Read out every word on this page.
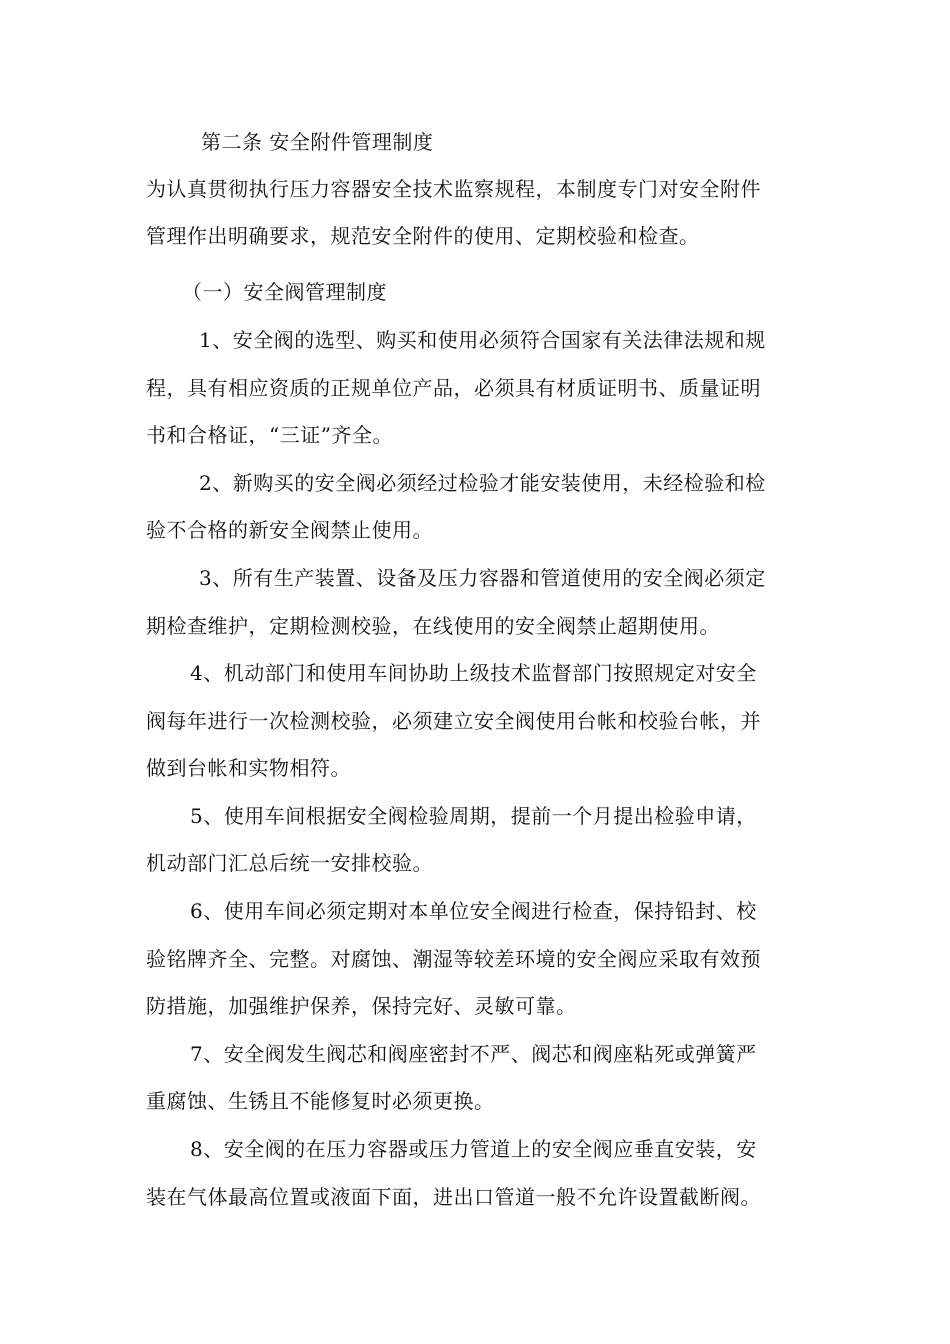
第二条 安全附件管理制度
为认真贯彻执行压力容器安全技术监察规程，本制度专门对安全附件
管理作出明确要求，规范安全附件的使用、定期校验和检查。
（一）安全阀管理制度
1、安全阀的选型、购买和使用必须符合国家有关法律法规和规
程，具有相应资质的正规单位产品，必须具有材质证明书、质量证明
书和合格证，“三证”齐全。
2、新购买的安全阀必须经过检验才能安装使用，未经检验和检
验不合格的新安全阀禁止使用。
3、所有生产装置、设备及压力容器和管道使用的安全阀必须定
期检查维护，定期检测校验，在线使用的安全阀禁止超期使用。
4、机动部门和使用车间协助上级技术监督部门按照规定对安全
阀每年进行一次检测校验，必须建立安全阀使用台帐和校验台帐，并
做到台帐和实物相符。
5、使用车间根据安全阀检验周期，提前一个月提出检验申请，
机动部门汇总后统一安排校验。
6、使用车间必须定期对本单位安全阀进行检查，保持铅封、校
验铭牌齐全、完整。对腐蚀、潮湿等较差环境的安全阀应采取有效预
防措施，加强维护保养，保持完好、灵敏可靠。
7、安全阀发生阀芯和阀座密封不严、阀芯和阀座粘死或弹簧严
重腐蚀、生锈且不能修复时必须更换。
8、安全阀的在压力容器或压力管道上的安全阀应垂直安装，安
装在气体最高位置或液面下面，进出口管道一般不允许设置截断阀。
